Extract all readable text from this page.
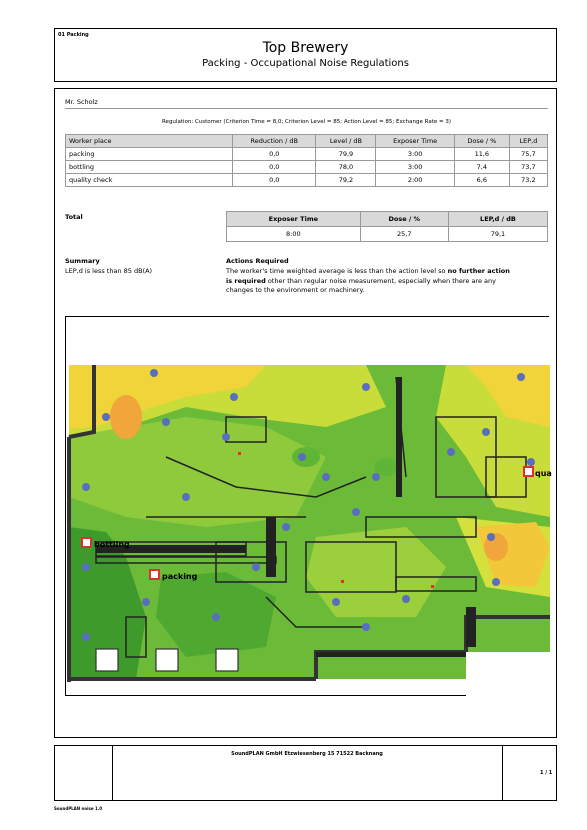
01 Packing
Top Brewery
Packing - Occupational Noise Regulations
Mr. Scholz
Regulation: Customer (Criterion Time = 8,0; Criterion Level = 85; Action Level = 85; Exchange Rate = 3)
Worker place	Reduction / dB	Level / dB	Exposer Time	Dose / %	LEP,d
packing	0,0	79,9	3:00	11,6	75,7
bottling	0,0	78,0	3:00	7,4	73,7
quality check	0,0	79,2	2:00	6,6	73,2
Total	Exposer Time	Dose / %	LEP,d / dB
8:00	25,7	79,1
Summary
LEP,d is less than 85 dB(A)
Actions Required
The worker's time weighted average is less than the action level so no further action is required other than regular noise measurement, especially when there are any changes to the environment or machinery.
bottling
packing
qua
SoundPLAN GmbH Etzwiesenberg 15 71522 Backnang
1 / 1
SoundPLAN noise 1.0
